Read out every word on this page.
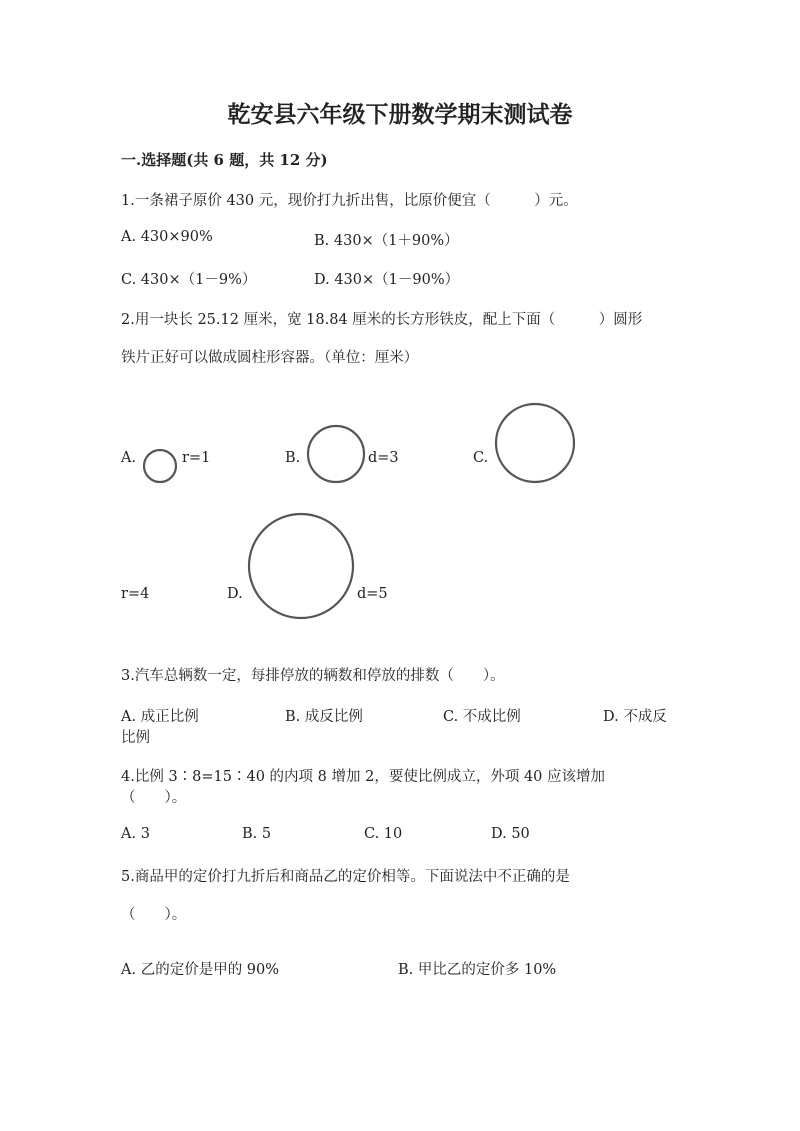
乾安县六年级下册数学期末测试卷
一.选择题(共 6 题，共 12 分)
1.一条裙子原价 430 元，现价打九折出售，比原价便宜（　　　）元。
A. 430×90%	B. 430×（1＋90%）
C. 430×（1－9%）	D. 430×（1－90%）
2.用一块长 25.12 厘米，宽 18.84 厘米的长方形铁皮，配上下面（　　　）圆形
铁片正好可以做成圆柱形容器。（单位：厘米）
A.	r=1	B.	d=3	C.
r=4	D.	d=5
3.汽车总辆数一定，每排停放的辆数和停放的排数（　　）。
A. 成正比例	B. 成反比例	C. 不成比例	D. 不成反
比例
4.比例 3∶8=15∶40 的内项 8 增加 2，要使比例成立，外项 40 应该增加
（　　）。
A. 3	B. 5	C. 10	D. 50
5.商品甲的定价打九折后和商品乙的定价相等。下面说法中不正确的是
（　　）。
A. 乙的定价是甲的 90%	B. 甲比乙的定价多 10%
